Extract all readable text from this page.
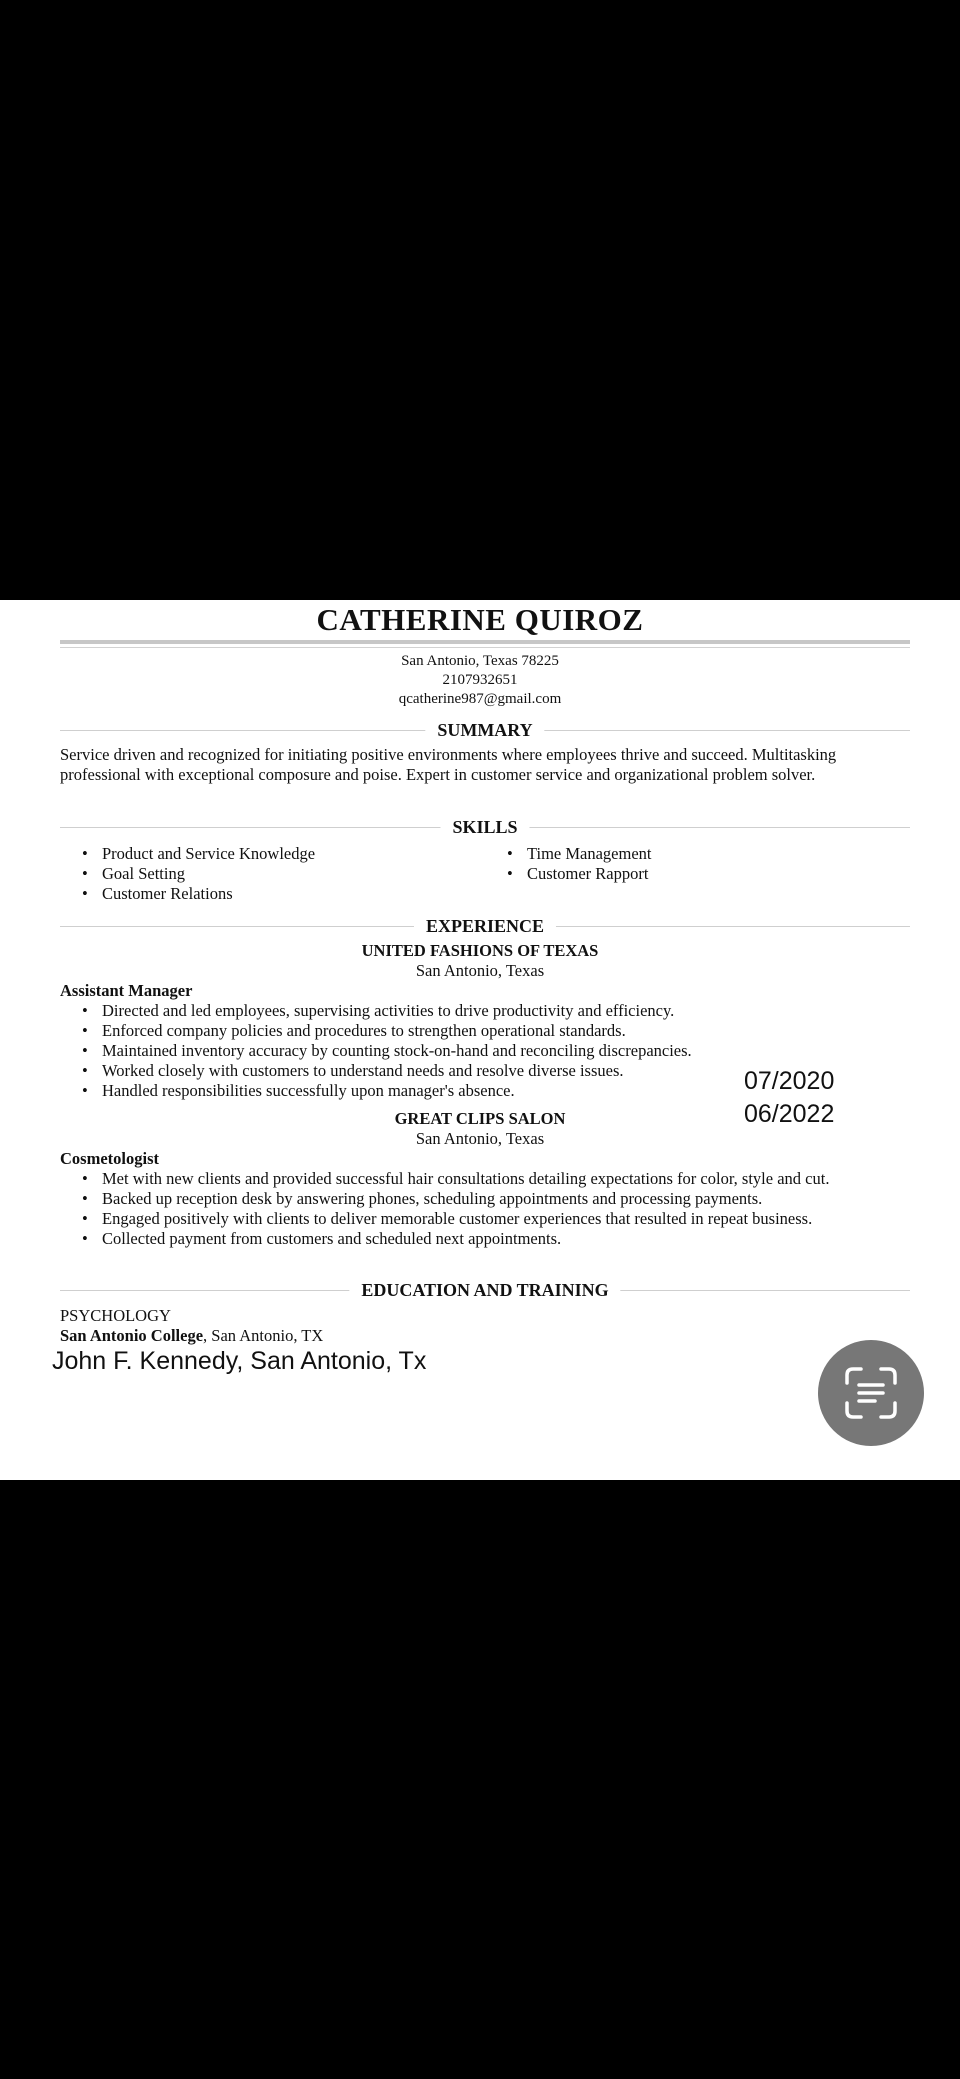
CATHERINE QUIROZ
San Antonio, Texas 78225
2107932651
qcatherine987@gmail.com
SUMMARY

Service driven and recognized for initiating positive environments where employees thrive and succeed. Multitasking professional with exceptional composure and poise. Expert in customer service and organizational problem solver.

SKILLS
• Product and Service Knowledge
• Goal Setting
• Customer Relations
• Time Management
• Customer Rapport
EXPERIENCE
UNITED FASHIONS OF TEXAS
San Antonio, Texas
Assistant Manager
• Directed and led employees, supervising activities to drive productivity and efficiency.
• Enforced company policies and procedures to strengthen operational standards.
• Maintained inventory accuracy by counting stock-on-hand and reconciling discrepancies.
• Worked closely with customers to understand needs and resolve diverse issues.
• Handled responsibilities successfully upon manager's absence.
GREAT CLIPS SALON
San Antonio, Texas
Cosmetologist
• Met with new clients and provided successful hair consultations detailing expectations for color, style and cut.
• Backed up reception desk by answering phones, scheduling appointments and processing payments.
• Engaged positively with clients to deliver memorable customer experiences that resulted in repeat business.
• Collected payment from customers and scheduled next appointments.
EDUCATION AND TRAINING
PSYCHOLOGY
San Antonio College, San Antonio, TX
07/2020
06/2022
John F. Kennedy, San Antonio, Tx
